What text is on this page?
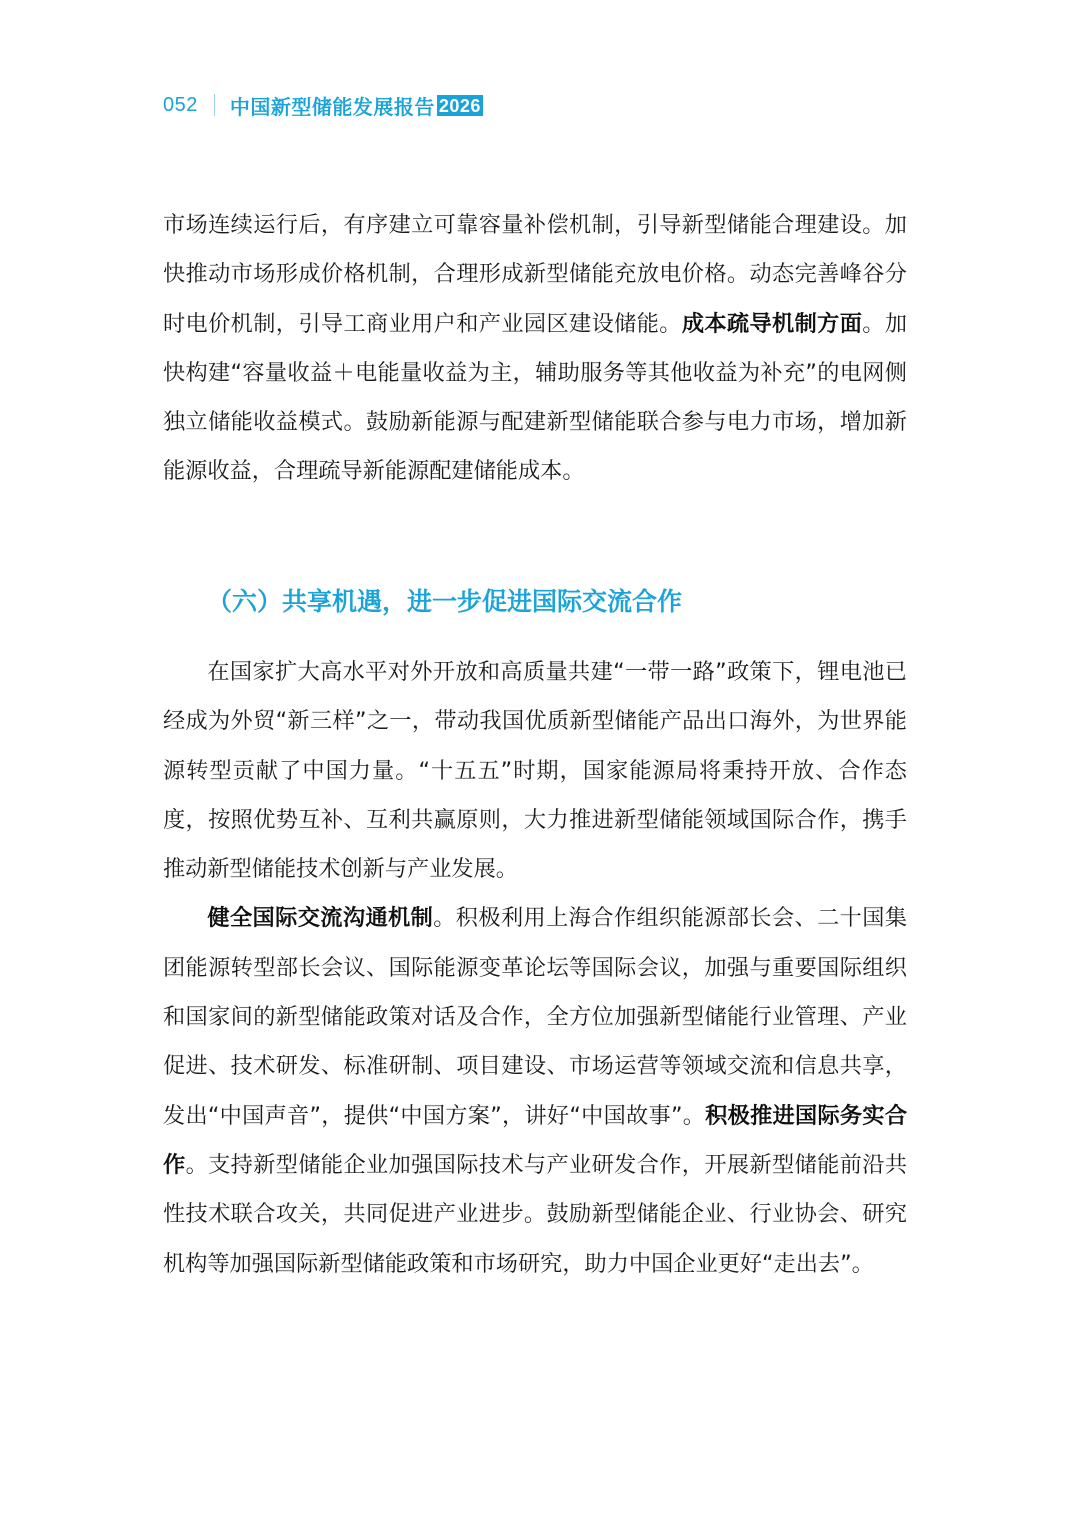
052 中国新型储能发展报告 2026

市场连续运行后，有序建立可靠容量补偿机制，引导新型储能合理建设。加快推动市场形成价格机制，合理形成新型储能充放电价格。动态完善峰谷分时电价机制，引导工商业用户和产业园区建设储能。成本疏导机制方面。加快构建“容量收益＋电能量收益为主，辅助服务等其他收益为补充”的电网侧独立储能收益模式。鼓励新能源与配建新型储能联合参与电力市场，增加新能源收益，合理疏导新能源配建储能成本。

（六）共享机遇，进一步促进国际交流合作

在国家扩大高水平对外开放和高质量共建“一带一路”政策下，锂电池已经成为外贸“新三样”之一，带动我国优质新型储能产品出口海外，为世界能源转型贡献了中国力量。“十五五”时期，国家能源局将秉持开放、合作态度，按照优势互补、互利共赢原则，大力推进新型储能领域国际合作，携手推动新型储能技术创新与产业发展。

健全国际交流沟通机制。积极利用上海合作组织能源部长会、二十国集团能源转型部长会议、国际能源变革论坛等国际会议，加强与重要国际组织和国家间的新型储能政策对话及合作，全方位加强新型储能行业管理、产业促进、技术研发、标准研制、项目建设、市场运营等领域交流和信息共享，发出“中国声音”，提供“中国方案”，讲好“中国故事”。积极推进国际务实合作。支持新型储能企业加强国际技术与产业研发合作，开展新型储能前沿共性技术联合攻关，共同促进产业进步。鼓励新型储能企业、行业协会、研究机构等加强国际新型储能政策和市场研究，助力中国企业更好“走出去”。
